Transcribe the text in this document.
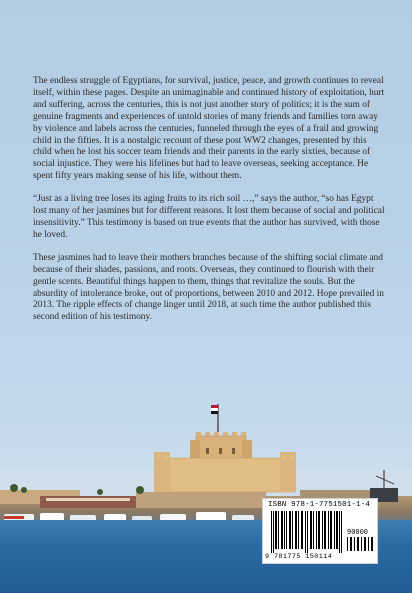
The endless struggle of Egyptians, for survival, justice, peace, and growth continues to reveal itself, within these pages. Despite an unimaginable and continued history of exploitation, hurt and suffering, across the centuries, this is not just another story of politics; it is the sum of genuine fragments and experiences of untold stories of many friends and families torn away by violence and labels across the centuries, funneled through the eyes of a frail and growing child in the fifties. It is a nostalgic recount of these post WW2 changes, presented by this child when he lost his soccer team friends and their parents in the early sixties, because of social injustice. They were his lifelines but had to leave overseas, seeking acceptance. He spent fifty years making sense of his life, without them.

“Just as a living tree loses its aging fruits to its rich soil …,” says the author, “so has Egypt lost many of her jasmines but for different reasons. It lost them because of social and political insensitivity.” This testimony is based on true events that the author has survived, with those he loved.

These jasmines had to leave their mothers branches because of the shifting social climate and because of their shades, passions, and roots. Overseas, they continued to flourish with their gentle scents. Beautiful things happen to them, things that revitalize the souls. But the absurdity of intolerance broke, out of proportions, between 2010 and 2012. Hope prevailed in 2013. The ripple effects of change linger until 2018, at such time the author published this second edition of his testimony.

ISBN 978-1-7751501-1-4
90000
9 781775 150114
